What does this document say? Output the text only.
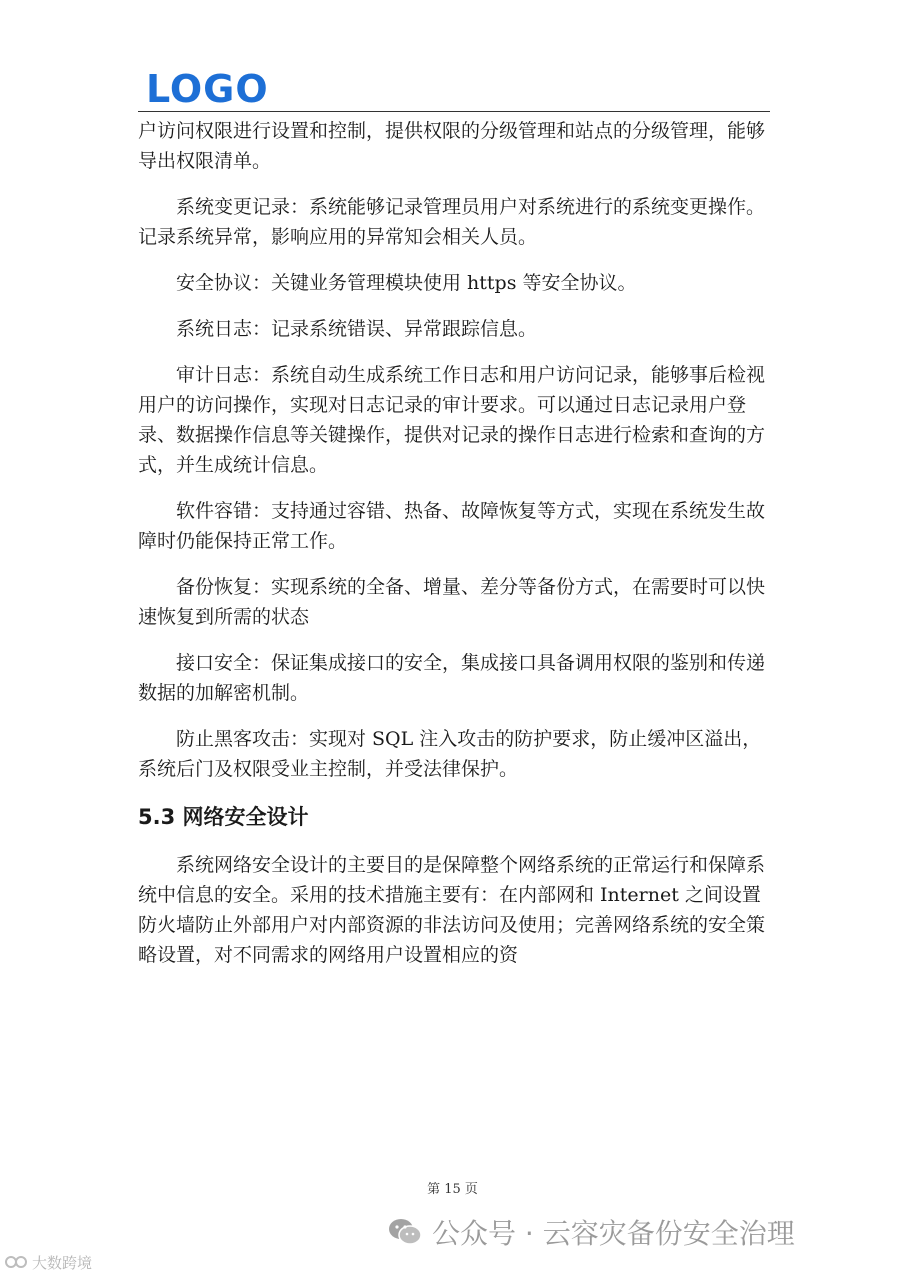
LOGO

户访问权限进行设置和控制，提供权限的分级管理和站点的分级管理，能够导出权限清单。

系统变更记录：系统能够记录管理员用户对系统进行的系统变更操作。记录系统异常，影响应用的异常知会相关人员。

安全协议：关键业务管理模块使用 https 等安全协议。

系统日志：记录系统错误、异常跟踪信息。

审计日志：系统自动生成系统工作日志和用户访问记录，能够事后检视用户的访问操作，实现对日志记录的审计要求。可以通过日志记录用户登录、数据操作信息等关键操作，提供对记录的操作日志进行检索和查询的方式，并生成统计信息。

软件容错：支持通过容错、热备、故障恢复等方式，实现在系统发生故障时仍能保持正常工作。

备份恢复：实现系统的全备、增量、差分等备份方式，在需要时可以快速恢复到所需的状态

接口安全：保证集成接口的安全，集成接口具备调用权限的鉴别和传递数据的加解密机制。

防止黑客攻击：实现对 SQL 注入攻击的防护要求，防止缓冲区溢出，系统后门及权限受业主控制，并受法律保护。

5.3 网络安全设计

系统网络安全设计的主要目的是保障整个网络系统的正常运行和保障系统中信息的安全。采用的技术措施主要有：在内部网和 Internet 之间设置防火墙防止外部用户对内部资源的非法访问及使用；完善网络系统的安全策略设置，对不同需求的网络用户设置相应的资

第 15 页
公众号 · 云容灾备份安全治理
大数跨境
